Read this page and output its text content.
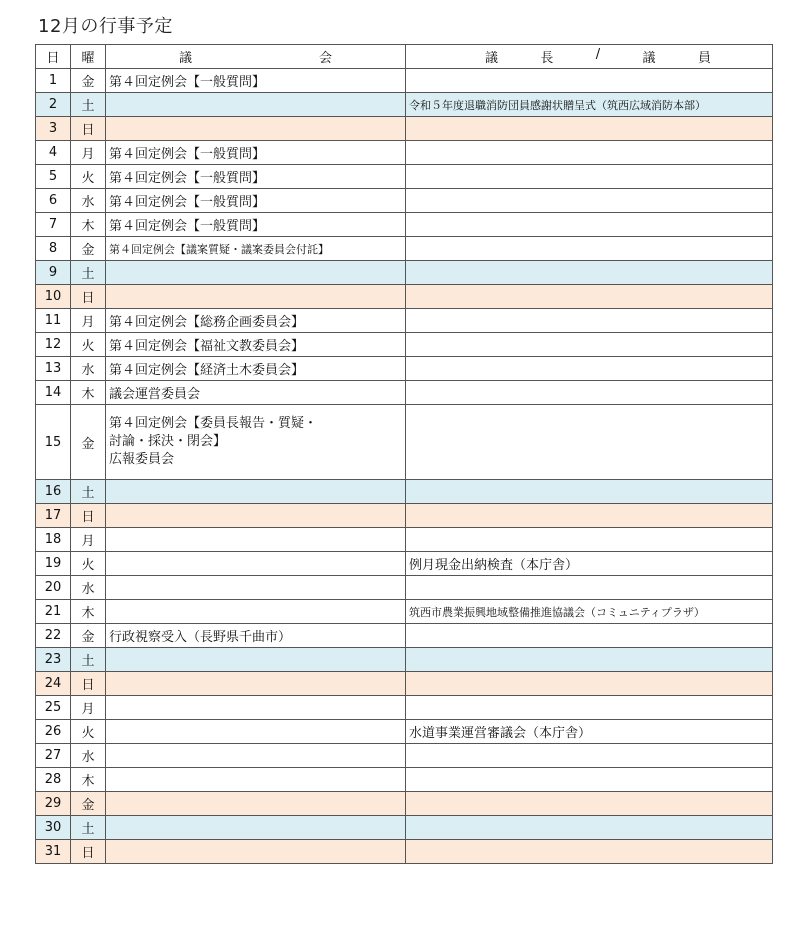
12月の行事予定
日	曜	議 会	議 長 / 議 員

1	金	第４回定例会【一般質問】	
2	土		令和５年度退職消防団員感謝状贈呈式（筑西広域消防本部）
3	日		
4	月	第４回定例会【一般質問】	
5	火	第４回定例会【一般質問】	
6	水	第４回定例会【一般質問】	
7	木	第４回定例会【一般質問】	
8	金	第４回定例会【議案質疑・議案委員会付託】	
9	土		
10	日		
11	月	第４回定例会【総務企画委員会】	
12	火	第４回定例会【福祉文教委員会】	
13	水	第４回定例会【経済土木委員会】	
14	木	議会運営委員会	
15	金	第４回定例会【委員長報告・質疑・
討論・採決・閉会】
広報委員会	

16	土		
17	日		
18	月		
19	火		例月現金出納検査（本庁舎）
20	水		
21	木		筑西市農業振興地域整備推進協議会（コミュニティプラザ）
22	金	行政視察受入（長野県千曲市）	
23	土		
24	日		
25	月		
26	火		水道事業運営審議会（本庁舎）
27	水		
28	木		
29	金		
30	土		
31	日		
